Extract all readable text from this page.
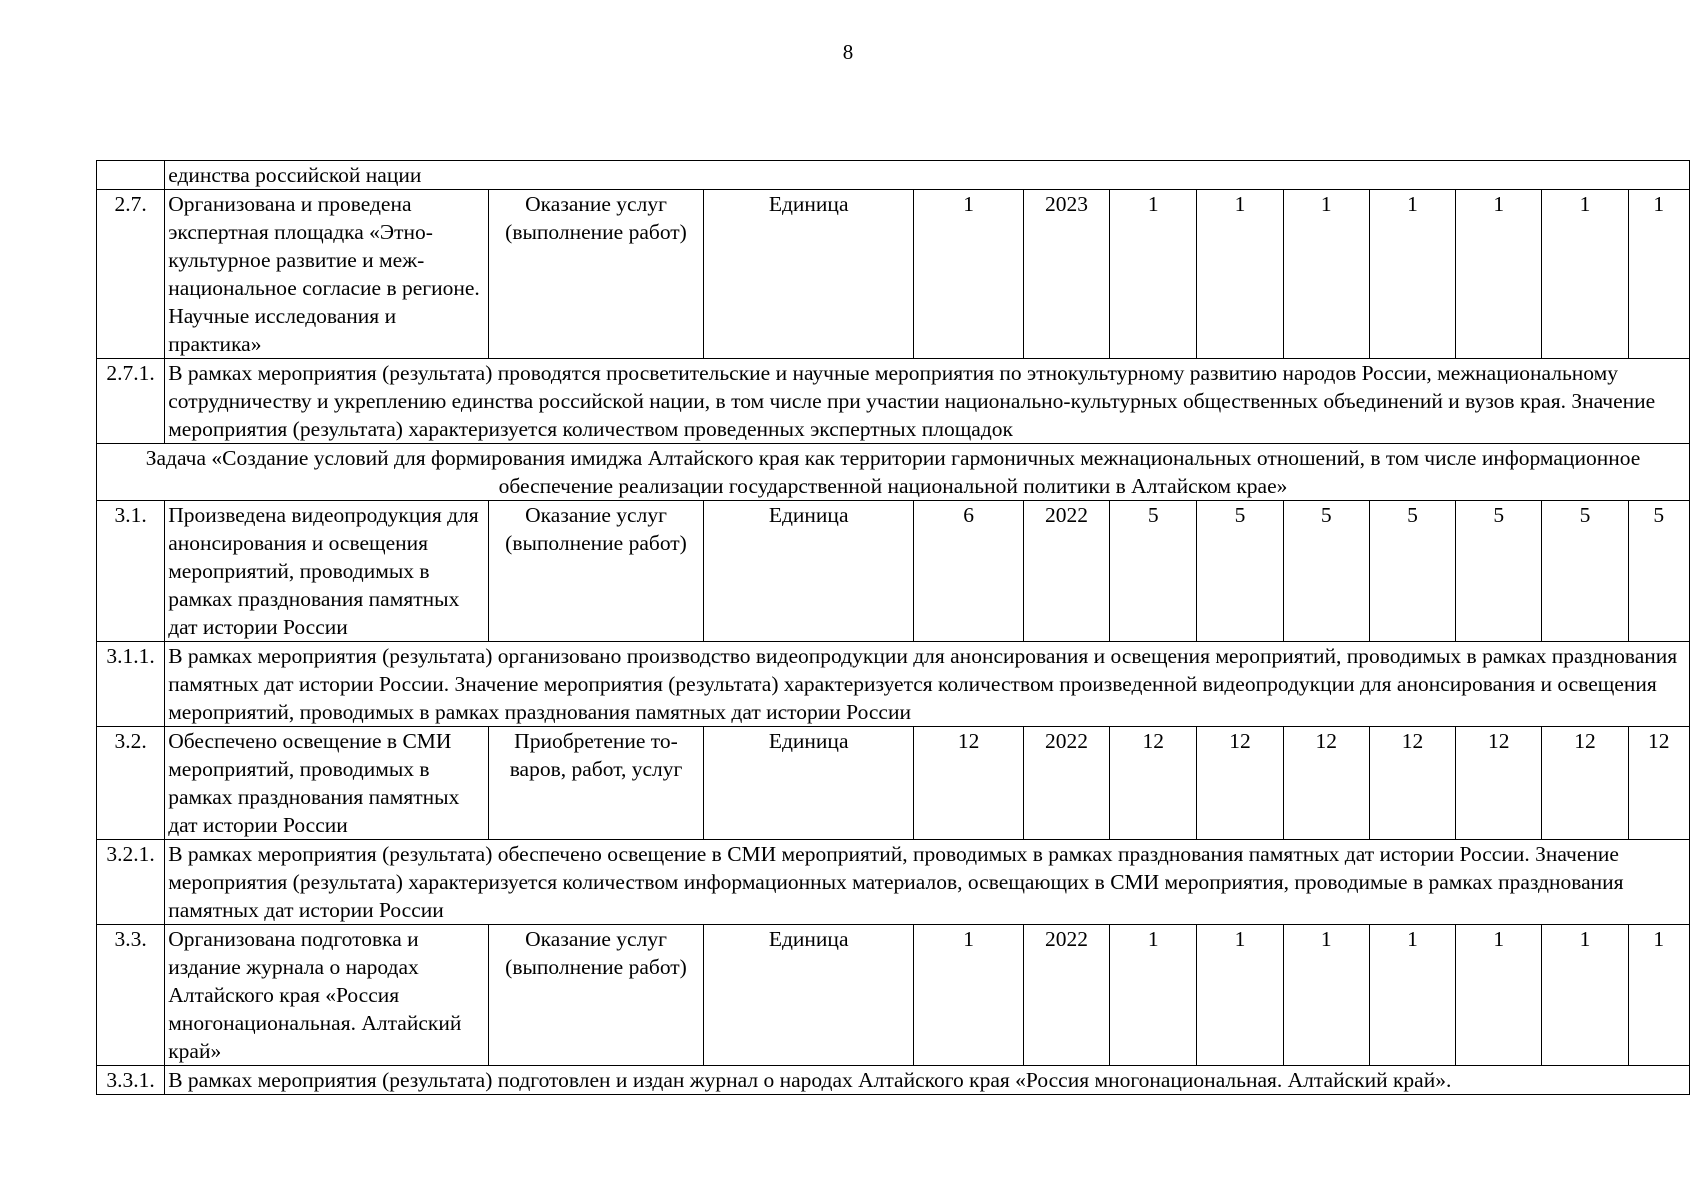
8
	единства российской нации											
2.7.	Организована и проведена экспертная площадка «Этнокультурное развитие и межнациональное согласие в регионе. Научные исследования и практика»	Оказание услуг (выполнение работ)	Единица	1	2023	1	1	1	1	1	1	1
2.7.1.	В рамках мероприятия (результата) проводятся просветительские и научные мероприятия по этнокультурному развитию народов России, межнациональному сотрудничеству и укреплению единства российской нации, в том числе при участии национально-культурных общественных объединений и вузов края. Значение мероприятия (результата) характеризуется количеством проведенных экспертных площадок											
Задача «Создание условий для формирования имиджа Алтайского края как территории гармоничных межнациональных отношений, в том числе информационное обеспечение реализации государственной национальной политики в Алтайском крае»												
3.1.	Произведена видеопродукция для анонсирования и освещения мероприятий, проводимых в рамках празднования памятных дат истории России	Оказание услуг (выполнение работ)	Единица	6	2022	5	5	5	5	5	5	5
3.1.1.	В рамках мероприятия (результата) организовано производство видеопродукции для анонсирования и освещения мероприятий, проводимых в рамках празднования памятных дат истории России. Значение мероприятия (результата) характеризуется количеством произведенной видеопродукции для анонсирования и освещения мероприятий, проводимых в рамках празднования памятных дат истории России											
3.2.	Обеспечено освещение в СМИ мероприятий, проводимых в рамках празднования памятных дат истории России	Приобретение товаров, работ, услуг	Единица	12	2022	12	12	12	12	12	12	12
3.2.1.	В рамках мероприятия (результата) обеспечено освещение в СМИ мероприятий, проводимых в рамках празднования памятных дат истории России. Значение мероприятия (результата) характеризуется количеством информационных материалов, освещающих в СМИ мероприятия, проводимые в рамках празднования памятных дат истории России											
3.3.	Организована подготовка и издание журнала о народах Алтайского края «Россия многонациональная. Алтайский край»	Оказание услуг (выполнение работ)	Единица	1	2022	1	1	1	1	1	1	1
3.3.1.	В рамках мероприятия (результата) подготовлен и издан журнал о народах Алтайского края «Россия многонациональная. Алтайский край».											
